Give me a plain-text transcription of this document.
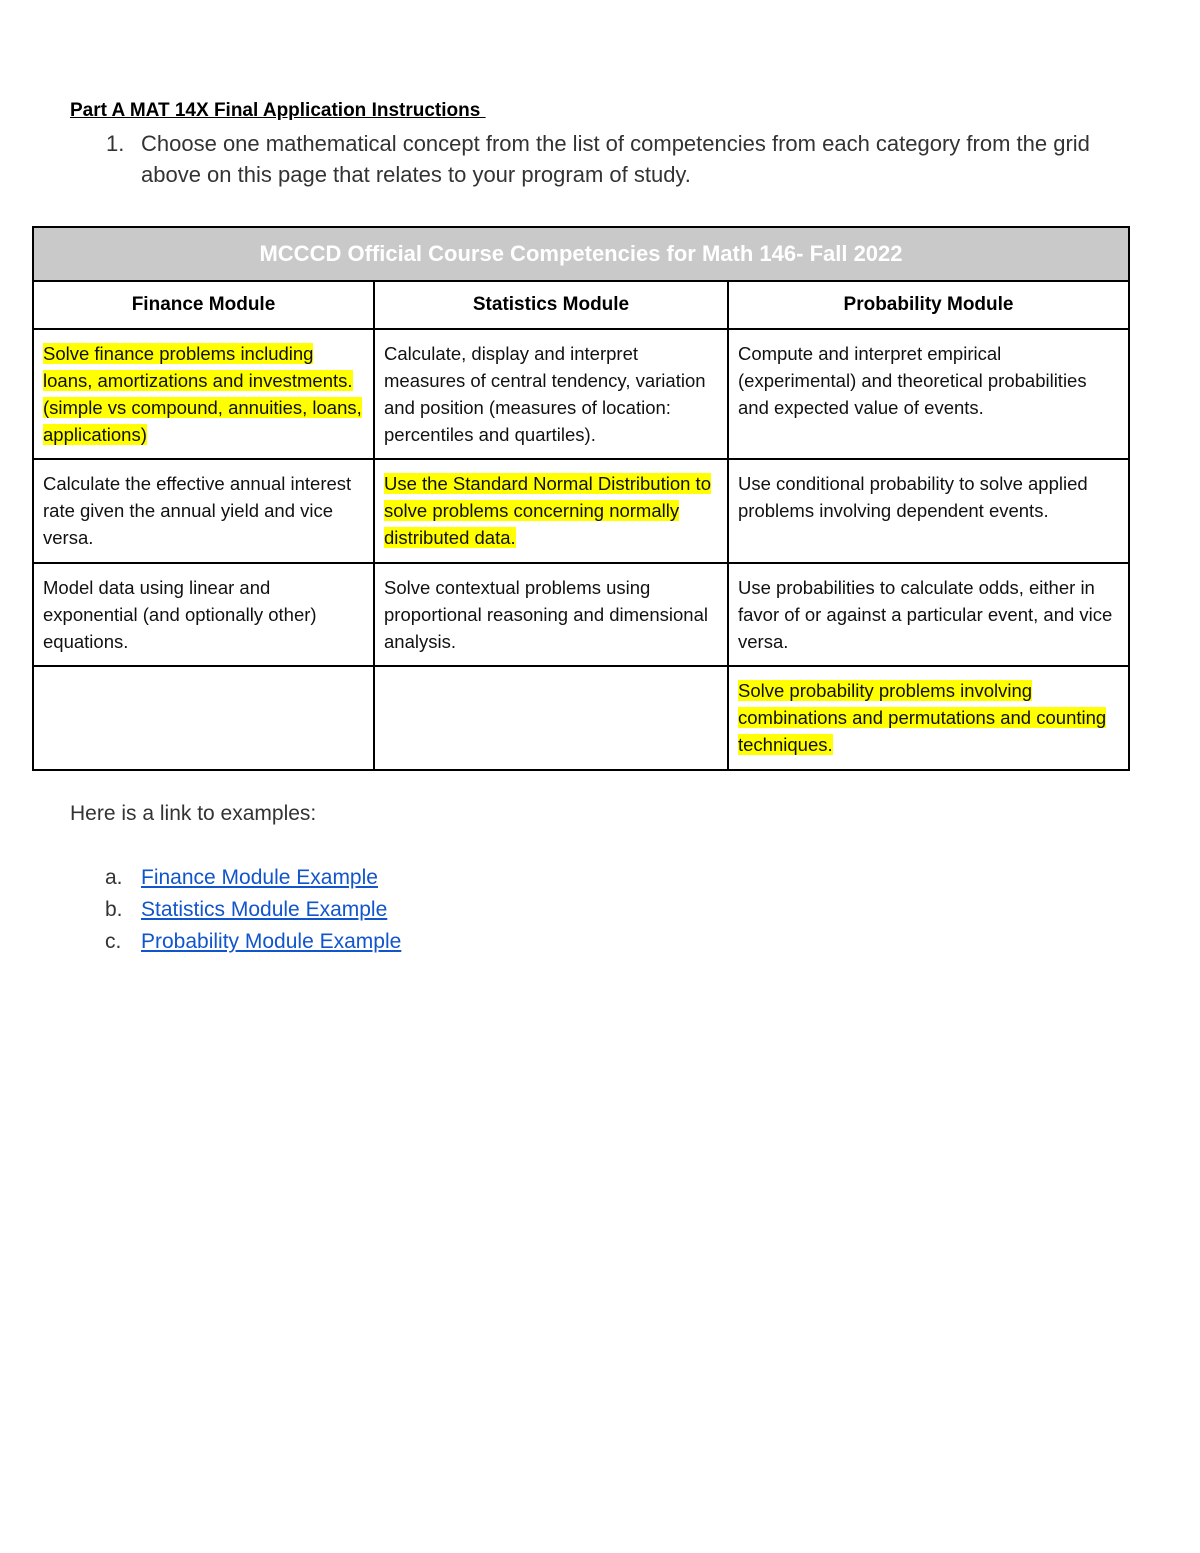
Part A MAT 14X Final Application Instructions
1. Choose one mathematical concept from the list of competencies from each category from the grid above on this page that relates to your program of study.
MCCCD Official Course Competencies for Math 146- Fall 2022		
Finance Module	Statistics Module	Probability Module
Solve finance problems including loans, amortizations and investments. (simple vs compound, annuities, loans, applications)	Calculate, display and interpret measures of central tendency, variation and position (measures of location: percentiles and quartiles).	Compute and interpret empirical (experimental) and theoretical probabilities and expected value of events.
Calculate the effective annual interest rate given the annual yield and vice versa.	Use the Standard Normal Distribution to solve problems concerning normally distributed data.	Use conditional probability to solve applied problems involving dependent events.
Model data using linear and exponential (and optionally other) equations.	Solve contextual problems using proportional reasoning and dimensional analysis.	Use probabilities to calculate odds, either in favor of or against a particular event, and vice versa.
		Solve probability problems involving combinations and permutations and counting techniques.
Here is a link to examples:
a. Finance Module Example
b. Statistics Module Example
c. Probability Module Example
